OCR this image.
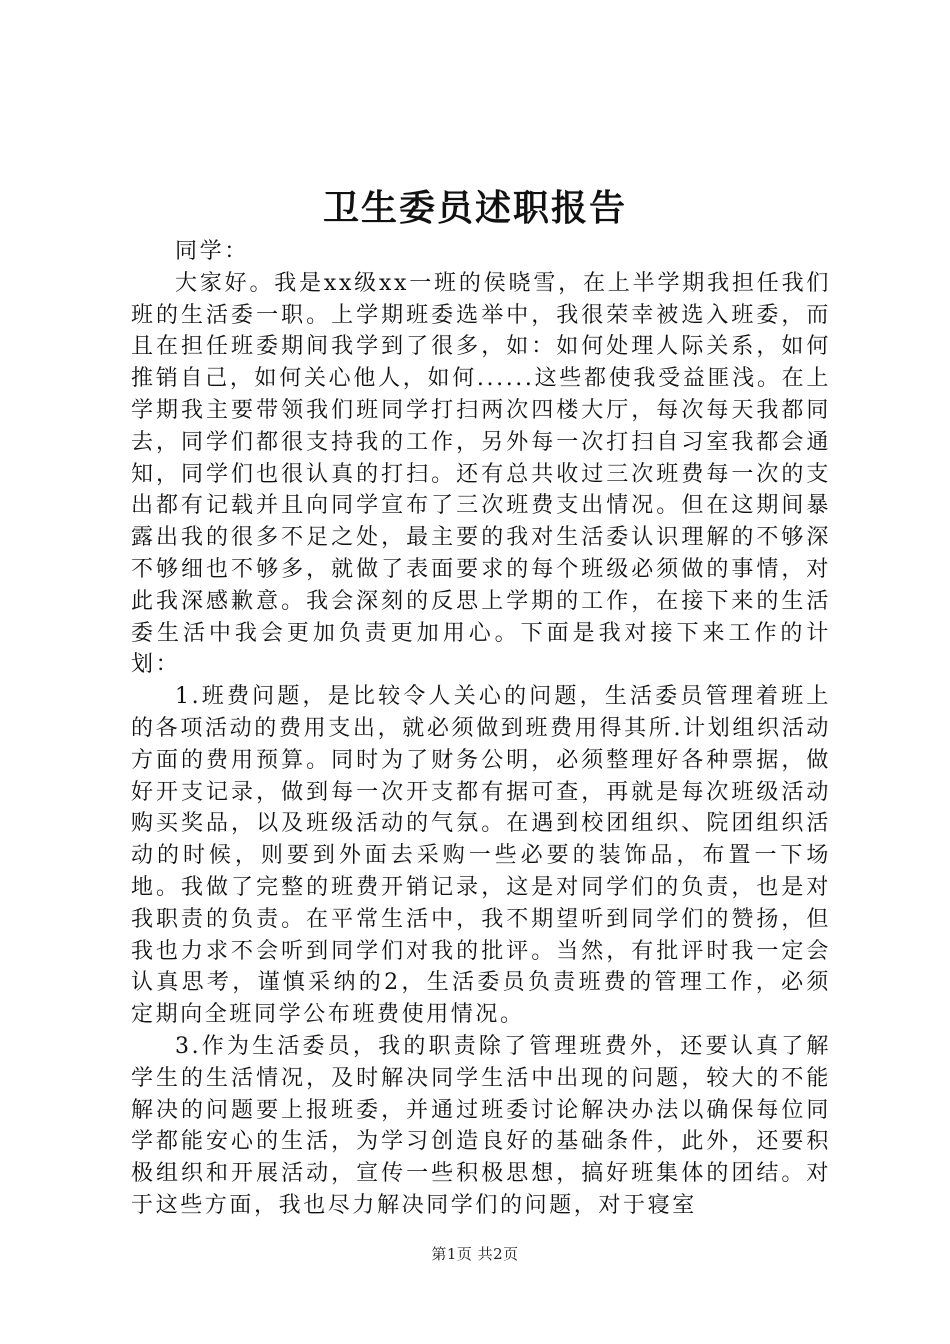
卫生委员述职报告

同学：

大家好。我是xx级xx一班的侯晓雪，在上半学期我担任我们班的生活委一职。上学期班委选举中，我很荣幸被选入班委，而且在担任班委期间我学到了很多，如：如何处理人际关系，如何推销自己，如何关心他人，如何......这些都使我受益匪浅。在上学期我主要带领我们班同学打扫两次四楼大厅，每次每天我都同去，同学们都很支持我的工作，另外每一次打扫自习室我都会通知，同学们也很认真的打扫。还有总共收过三次班费每一次的支出都有记载并且向同学宣布了三次班费支出情况。但在这期间暴露出我的很多不足之处，最主要的我对生活委认识理解的不够深不够细也不够多，就做了表面要求的每个班级必须做的事情，对此我深感歉意。我会深刻的反思上学期的工作，在接下来的生活委生活中我会更加负责更加用心。下面是我对接下来工作的计划：

1.班费问题，是比较令人关心的问题，生活委员管理着班上的各项活动的费用支出，就必须做到班费用得其所.计划组织活动方面的费用预算。同时为了财务公明，必须整理好各种票据，做好开支记录，做到每一次开支都有据可查，再就是每次班级活动购买奖品，以及班级活动的气氛。在遇到校团组织、院团组织活动的时候，则要到外面去采购一些必要的装饰品，布置一下场地。我做了完整的班费开销记录，这是对同学们的负责，也是对我职责的负责。在平常生活中，我不期望听到同学们的赞扬，但我也力求不会听到同学们对我的批评。当然，有批评时我一定会认真思考，谨慎采纳的2，生活委员负责班费的管理工作，必须定期向全班同学公布班费使用情况。

3.作为生活委员，我的职责除了管理班费外，还要认真了解学生的生活情况，及时解决同学生活中出现的问题，较大的不能解决的问题要上报班委，并通过班委讨论解决办法以确保每位同学都能安心的生活，为学习创造良好的基础条件，此外，还要积极组织和开展活动，宣传一些积极思想，搞好班集体的团结。对于这些方面，我也尽力解决同学们的问题，对于寝室

第1页 共2页
